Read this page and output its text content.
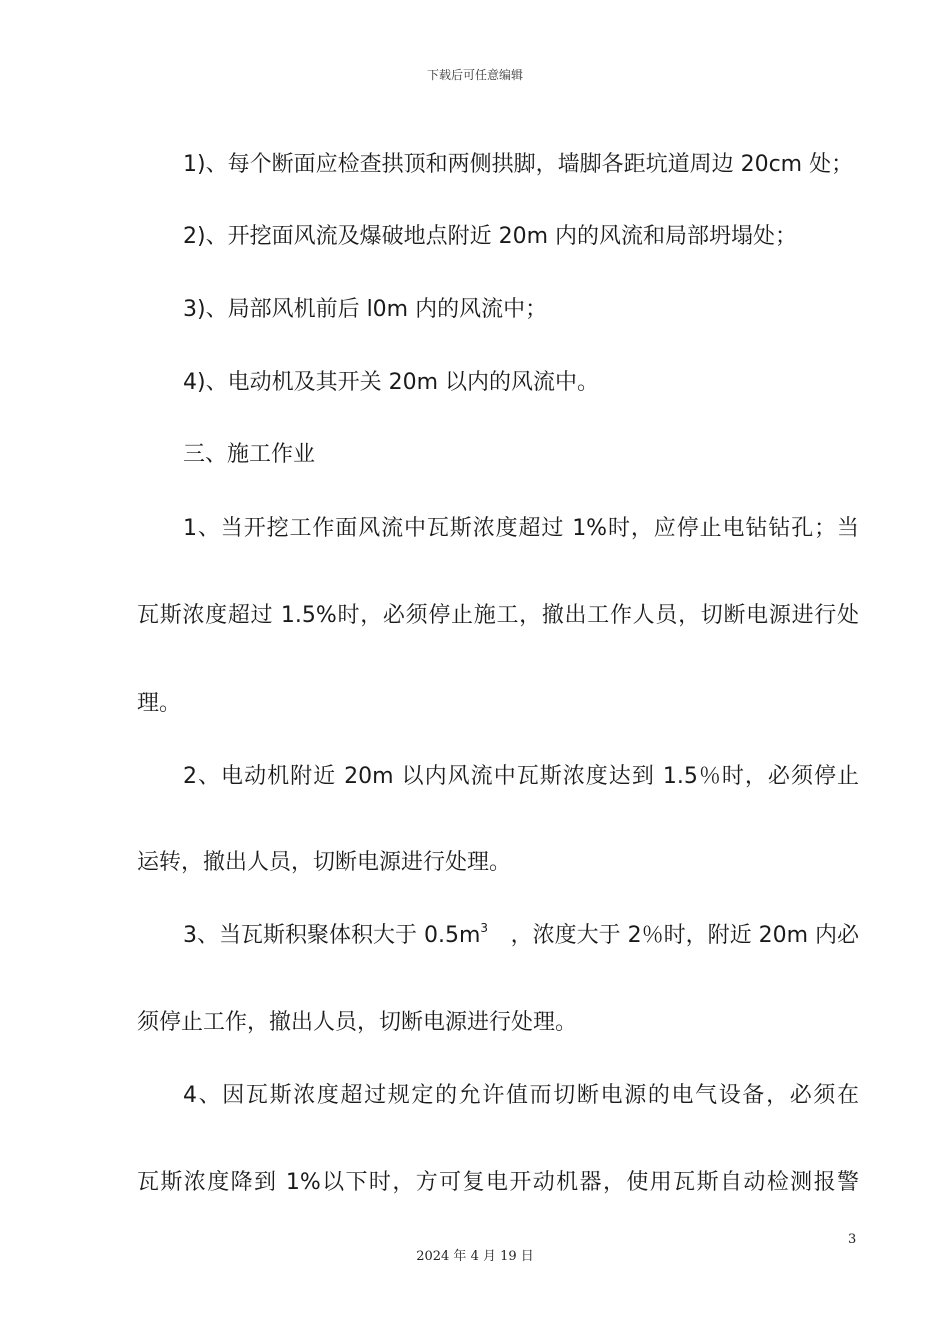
下载后可任意编辑
1)、每个断面应检查拱顶和两侧拱脚，墙脚各距坑道周边 20cm 处；
2)、开挖面风流及爆破地点附近 20m 内的风流和局部坍塌处；
3)、局部风机前后 l0m 内的风流中；
4)、电动机及其开关 20m 以内的风流中。
三、施工作业
1、当开挖工作面风流中瓦斯浓度超过 1%时，应停止电钻钻孔；当
瓦斯浓度超过 1.5%时，必须停止施工，撤出工作人员，切断电源进行处
理。
2、电动机附近 20m 以内风流中瓦斯浓度达到 1.5％时，必须停止
运转，撤出人员，切断电源进行处理。
3、当瓦斯积聚体积大于 $0.5m^3$ ，浓度大于 2％时，附近 20m 内必
须停止工作，撤出人员，切断电源进行处理。
4、因瓦斯浓度超过规定的允许值而切断电源的电气设备，必须在
瓦斯浓度降到 1%以下时，方可复电开动机器，使用瓦斯自动检测报警
3
2024 年 4 月 19 日
